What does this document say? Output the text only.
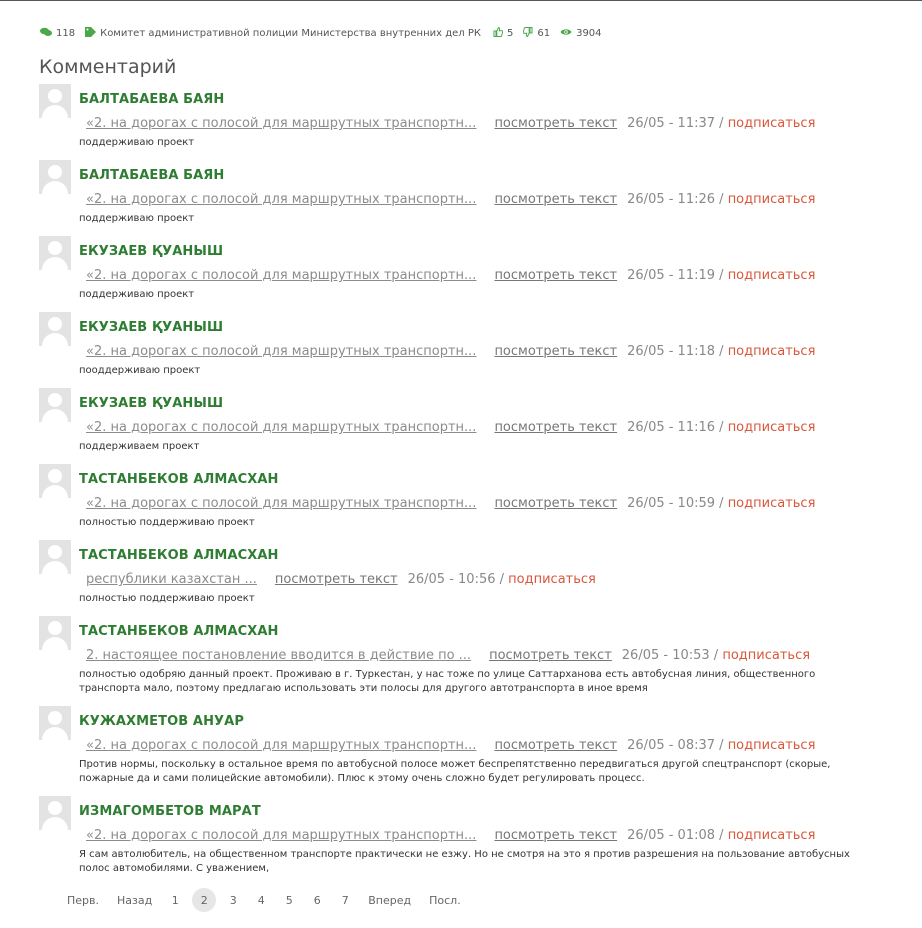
118	Комитет административной полиции Министерства внутренних дел РК	5 61	3904
Комментарий
БАЛТАБАЕВА БАЯН
«2. на дорогах с полосой для маршрутных транспортн... посмотреть текст 26/05 - 11:37 / подписаться
поддерживаю проект
БАЛТАБАЕВА БАЯН
«2. на дорогах с полосой для маршрутных транспортн... посмотреть текст 26/05 - 11:26 / подписаться
поддерживаю проект
ЕКУЗАЕВ ҚУАНЫШ
«2. на дорогах с полосой для маршрутных транспортн... посмотреть текст 26/05 - 11:19 / подписаться
поддерживаю проект
ЕКУЗАЕВ ҚУАНЫШ
«2. на дорогах с полосой для маршрутных транспортн... посмотреть текст 26/05 - 11:18 / подписаться
пооддерживаю проект
ЕКУЗАЕВ ҚУАНЫШ
«2. на дорогах с полосой для маршрутных транспортн... посмотреть текст 26/05 - 11:16 / подписаться
поддерживаем проект
ТАСТАНБЕКОВ АЛМАСХАН
«2. на дорогах с полосой для маршрутных транспортн... посмотреть текст 26/05 - 10:59 / подписаться
полностью поддерживаю проект
ТАСТАНБЕКОВ АЛМАСХАН
республики казахстан ... посмотреть текст 26/05 - 10:56 / подписаться
полностью поддерживаю проект
ТАСТАНБЕКОВ АЛМАСХАН
2. настоящее постановление вводится в действие по ... посмотреть текст 26/05 - 10:53 / подписаться
полностью одобряю данный проект. Проживаю в г. Туркестан, у нас тоже по улице Саттарханова есть автобусная линия, общественного транспорта мало, поэтому предлагаю использовать эти полосы для другого автотранспорта в иное время
КУЖАХМЕТОВ АНУАР
«2. на дорогах с полосой для маршрутных транспортн... посмотреть текст 26/05 - 08:37 / подписаться
Против нормы, поскольку в остальное время по автобусной полосе может беспрепятственно передвигаться другой спецтранспорт (скорые, пожарные да и сами полицейские автомобили). Плюс к этому очень сложно будет регулировать процесс.
ИЗМАГОМБЕТОВ МАРАТ
«2. на дорогах с полосой для маршрутных транспортн... посмотреть текст 26/05 - 01:08 / подписаться
Я сам автолюбитель, на общественном транспорте практически не езжу. Но не смотря на это я против разрешения на пользование автобусных полос автомобилями. С уважением,
Перв. Назад 1	2	3 4 5 6 7 Вперед Посл.
